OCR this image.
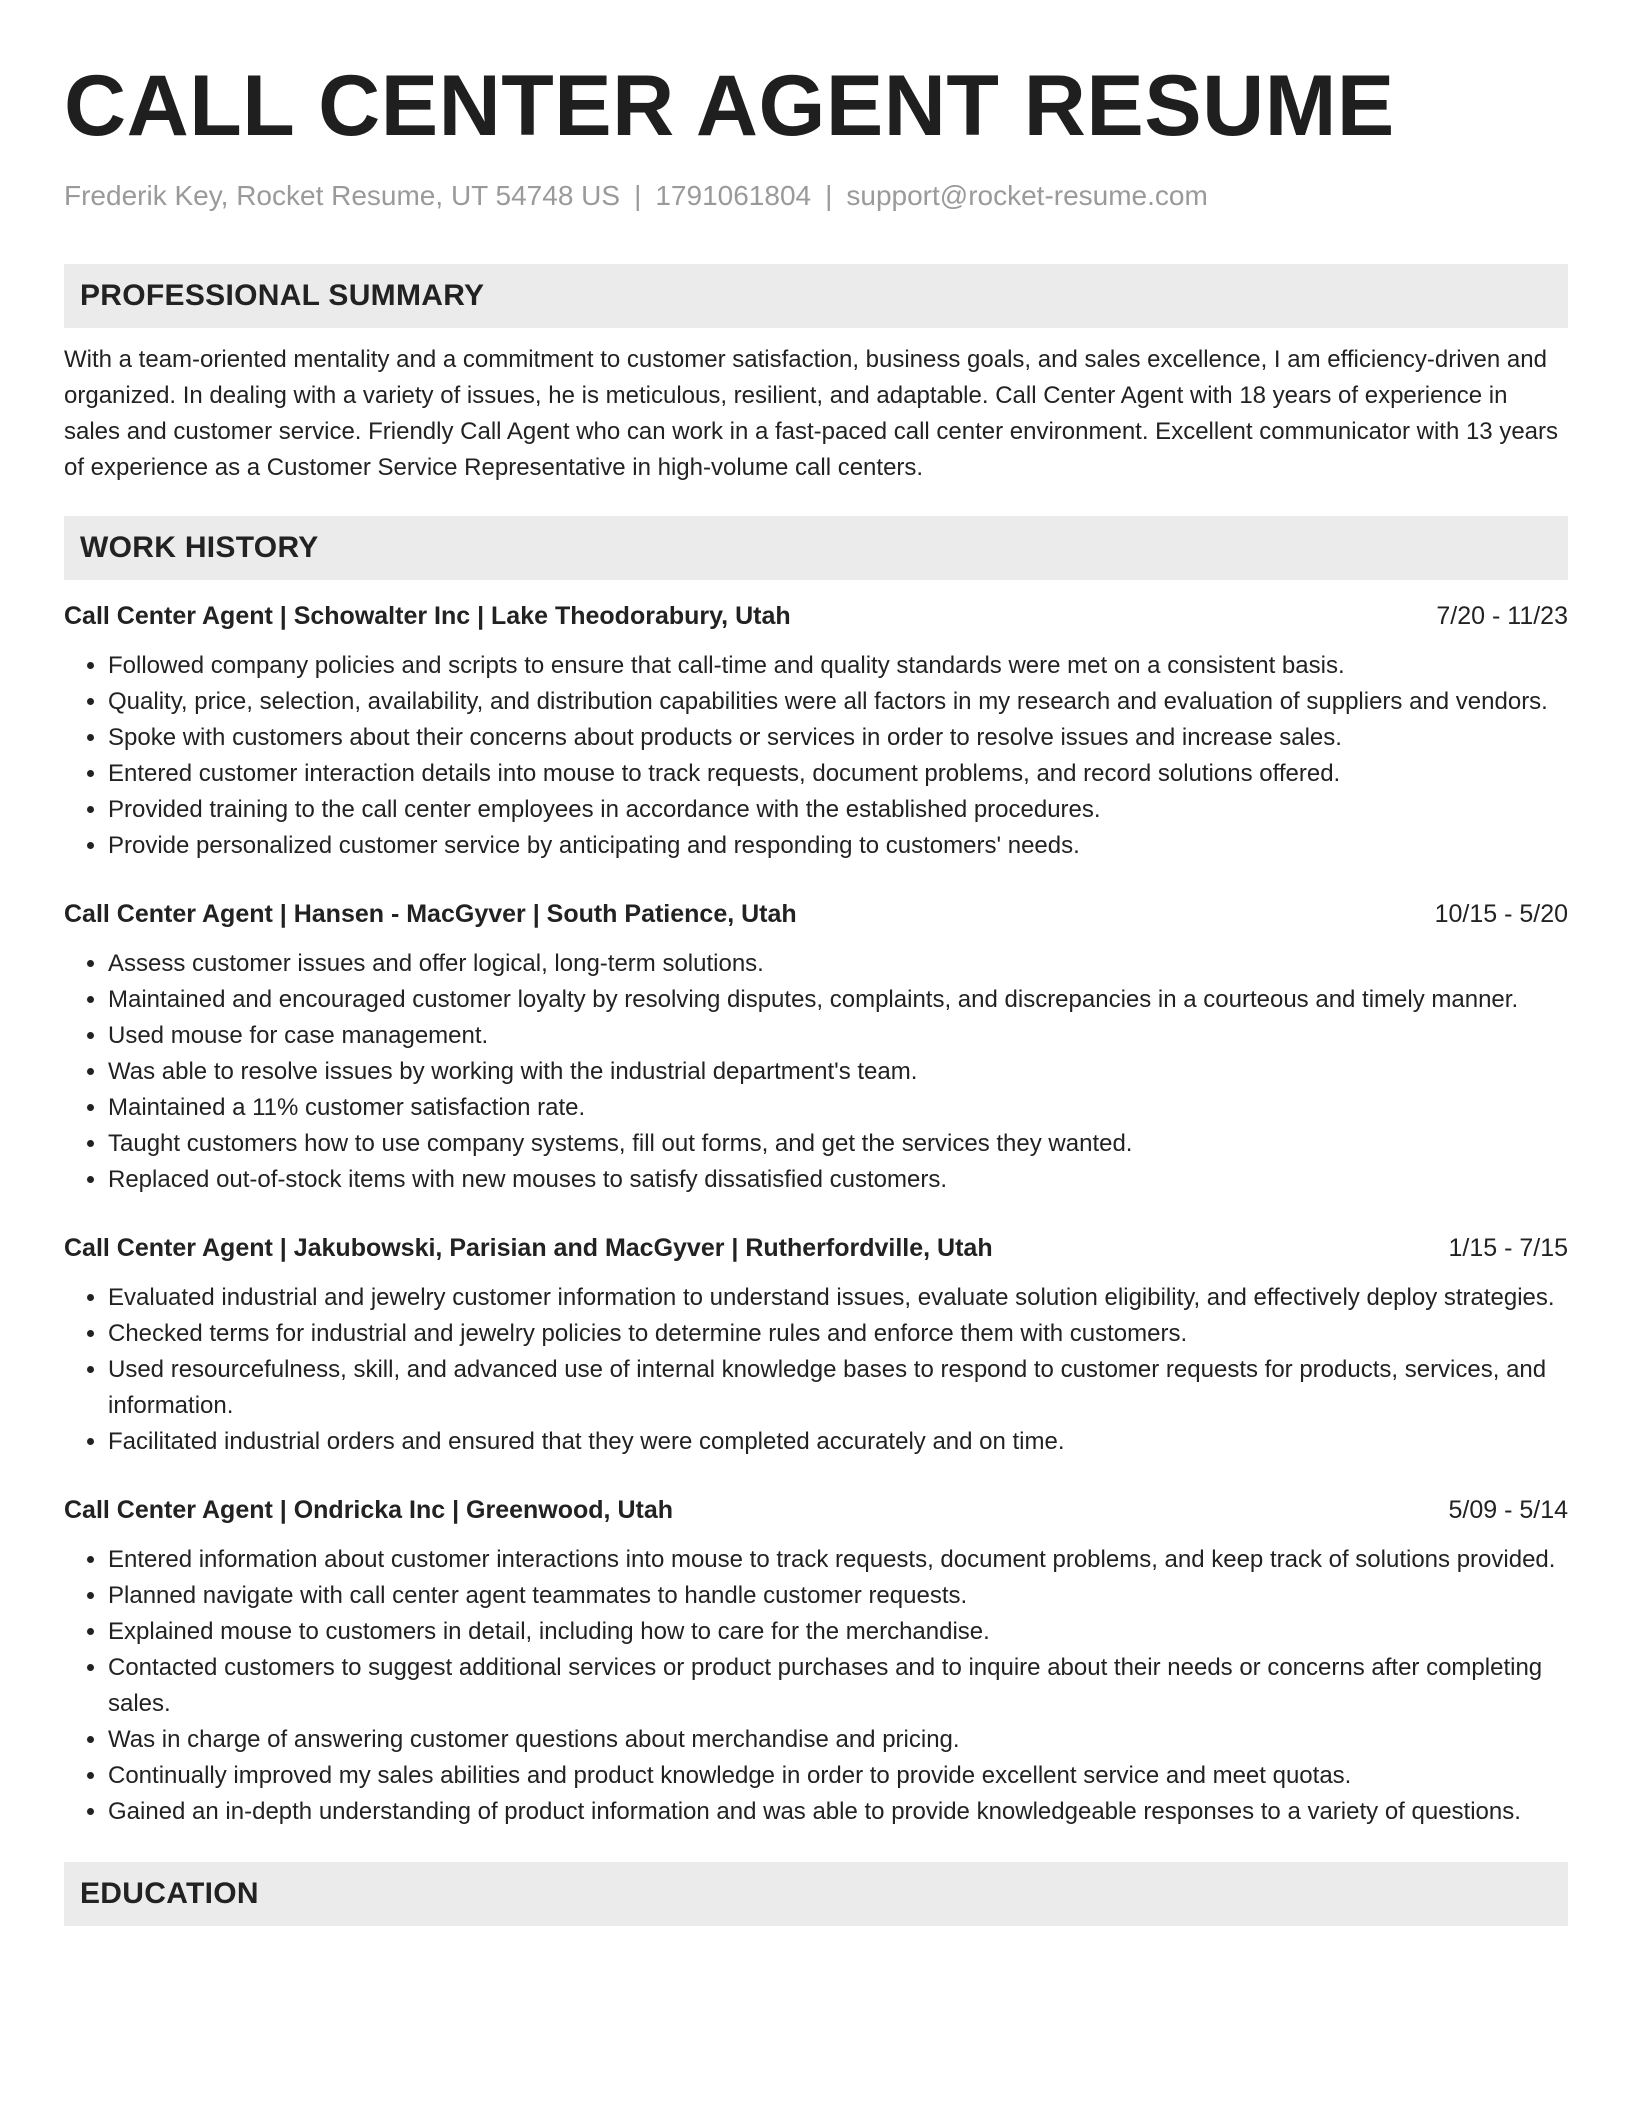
CALL CENTER AGENT RESUME
Frederik Key, Rocket Resume, UT 54748 US | 1791061804 | support@rocket-resume.com
PROFESSIONAL SUMMARY
With a team-oriented mentality and a commitment to customer satisfaction, business goals, and sales excellence, I am efficiency-driven and organized. In dealing with a variety of issues, he is meticulous, resilient, and adaptable. Call Center Agent with 18 years of experience in sales and customer service. Friendly Call Agent who can work in a fast-paced call center environment. Excellent communicator with 13 years of experience as a Customer Service Representative in high-volume call centers.
WORK HISTORY
Call Center Agent | Schowalter Inc | Lake Theodorabury, Utah	7/20 - 11/23
• Followed company policies and scripts to ensure that call-time and quality standards were met on a consistent basis.
• Quality, price, selection, availability, and distribution capabilities were all factors in my research and evaluation of suppliers and vendors.
• Spoke with customers about their concerns about products or services in order to resolve issues and increase sales.
• Entered customer interaction details into mouse to track requests, document problems, and record solutions offered.
• Provided training to the call center employees in accordance with the established procedures.
• Provide personalized customer service by anticipating and responding to customers' needs.
Call Center Agent | Hansen - MacGyver | South Patience, Utah	10/15 - 5/20
• Assess customer issues and offer logical, long-term solutions.
• Maintained and encouraged customer loyalty by resolving disputes, complaints, and discrepancies in a courteous and timely manner.
• Used mouse for case management.
• Was able to resolve issues by working with the industrial department's team.
• Maintained a 11% customer satisfaction rate.
• Taught customers how to use company systems, fill out forms, and get the services they wanted.
• Replaced out-of-stock items with new mouses to satisfy dissatisfied customers.
Call Center Agent | Jakubowski, Parisian and MacGyver | Rutherfordville, Utah	1/15 - 7/15
• Evaluated industrial and jewelry customer information to understand issues, evaluate solution eligibility, and effectively deploy strategies.
• Checked terms for industrial and jewelry policies to determine rules and enforce them with customers.
• Used resourcefulness, skill, and advanced use of internal knowledge bases to respond to customer requests for products, services, and information.
• Facilitated industrial orders and ensured that they were completed accurately and on time.
Call Center Agent | Ondricka Inc | Greenwood, Utah	5/09 - 5/14
• Entered information about customer interactions into mouse to track requests, document problems, and keep track of solutions provided.
• Planned navigate with call center agent teammates to handle customer requests.
• Explained mouse to customers in detail, including how to care for the merchandise.
• Contacted customers to suggest additional services or product purchases and to inquire about their needs or concerns after completing sales.
• Was in charge of answering customer questions about merchandise and pricing.
• Continually improved my sales abilities and product knowledge in order to provide excellent service and meet quotas.
• Gained an in-depth understanding of product information and was able to provide knowledgeable responses to a variety of questions.
EDUCATION
